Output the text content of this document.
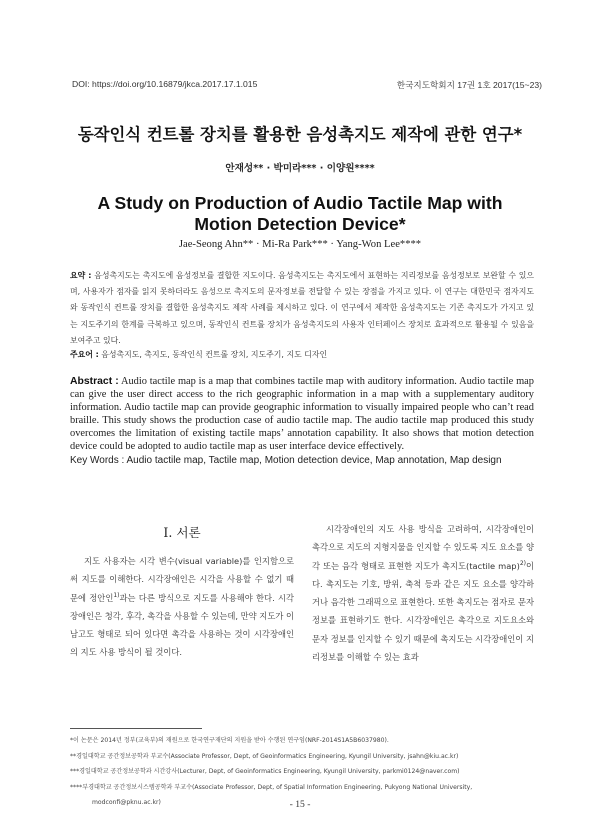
DOI: https://doi.org/10.16879/jkca.2017.17.1.015	한국지도학회지 17권 1호 2017(15~23)
동작인식 컨트롤 장치를 활용한 음성촉지도 제작에 관한 연구*
안재성** · 박미라*** · 이양원****
A Study on Production of Audio Tactile Map with
Motion Detection Device*
Jae-Seong Ahn** · Mi-Ra Park*** · Yang-Won Lee****
요약 : 음성촉지도는 촉지도에 음성정보를 결합한 지도이다. 음성촉지도는 촉지도에서 표현하는 지리정보를 음성정보로 보완할 수 있으며, 사용자가 점자를 읽지 못하더라도 음성으로 촉지도의 문자정보를 전달할 수 있는 장점을 가지고 있다. 이 연구는 대한민국 점자지도와 동작인식 컨트롤 장치를 결합한 음성촉지도 제작 사례를 제시하고 있다. 이 연구에서 제작한 음성촉지도는 기존 촉지도가 가지고 있는 지도주기의 한계를 극복하고 있으며, 동작인식 컨트롤 장치가 음성촉지도의 사용자 인터페이스 장치로 효과적으로 활용될 수 있음을 보여주고 있다.
주요어 : 음성촉지도, 촉지도, 동작인식 컨트롤 장치, 지도주기, 지도 디자인
Abstract : Audio tactile map is a map that combines tactile map with auditory information. Audio tactile map can give the user direct access to the rich geographic information in a map with a supplementary auditory information. Audio tactile map can provide geographic information to visually impaired people who can’t read braille. This study shows the production case of audio tactile map. The audio tactile map produced this study overcomes the limitation of existing tactile maps’ annotation capability. It also shows that motion detection device could be adopted to audio tactile map as user interface device effectively.
Key Words : Audio tactile map, Tactile map, Motion detection device, Map annotation, Map design
I. 서론
지도 사용자는 시각 변수(visual variable)를 인지함으로써 지도를 이해한다. 시각장애인은 시각을 사용할 수 없기 때문에 정안인$^{1)}$과는 다른 방식으로 지도를 사용해야 한다. 시각장애인은 청각, 후각, 촉각을 사용할 수 있는데, 만약 지도가 이남고도 형태로 되어 있다면 촉각을 사용하는 것이 시각장애인의 지도 사용 방식이 될 것이다.
시각장애인의 지도 사용 방식을 고려하여, 시각장애인이 촉각으로 지도의 지형지물을 인지할 수 있도록 지도 요소를 양각 또는 음각 형태로 표현한 지도가 촉지도(tactile map)$^{2)}$이다. 촉지도는 기호, 방위, 축척 등과 같은 지도 요소를 양각하거나 음각한 그래픽으로 표현한다. 또한 촉지도는 점자로 문자 정보를 표현하기도 한다. 시각장애인은 촉각으로 지도요소와 문자 정보를 인지할 수 있기 때문에 촉지도는 시각장애인이 지리정보를 이해할 수 있는 효과
*이 논문은 2014년 정부(교육부)의 재원으로 한국연구재단의 지원을 받아 수행된 연구임(NRF-2014S1A5B6037980).
**경일대학교 공간정보공학과 부교수(Associate Professor, Dept, of Geoinformatics Engineering, Kyungil University, jsahn@kiu.ac.kr)
***경일대학교 공간정보공학과 시간강사(Lecturer, Dept, of Geoinformatics Engineering, Kyungil University, parkmi0124@naver.com)
****부경대학교 공간정보시스템공학과 부교수(Associate Professor, Dept, of Spatial Information Engineering, Pukyong National University,
modconfi@pknu.ac.kr)	- 15 -
